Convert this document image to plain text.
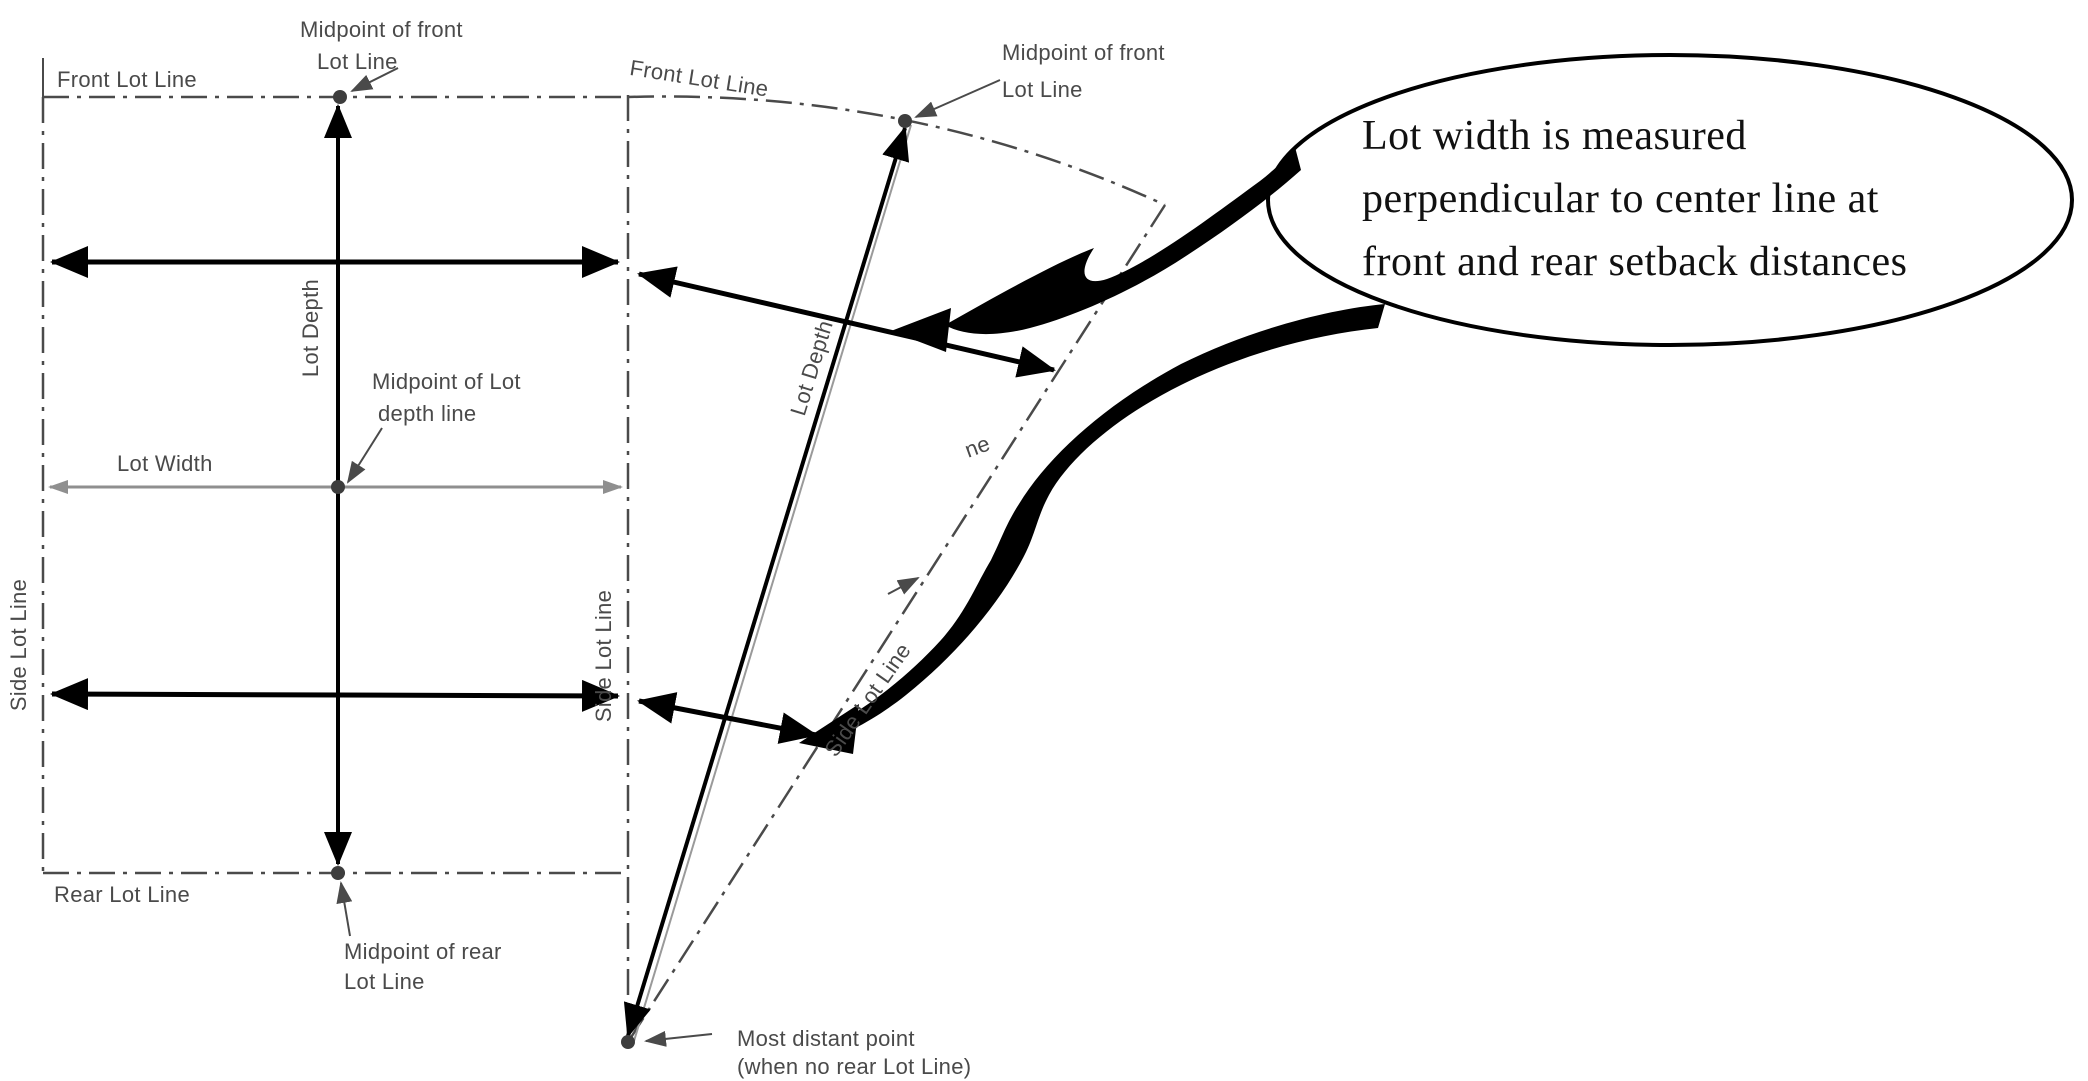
Front Lot Line
Midpoint of front
Lot Line
Lot Depth
Midpoint of Lot
depth line
Lot Width
Side Lot Line	Side Lot Line
Rear Lot Line
Midpoint of rear
Lot Line
Front Lot Line
Midpoint of front
Lot Line
Lot Depth
Side Lot Line
ne
Most distant point
(when no rear Lot Line)
Lot width is measured
perpendicular to center line at
front and rear setback distances
